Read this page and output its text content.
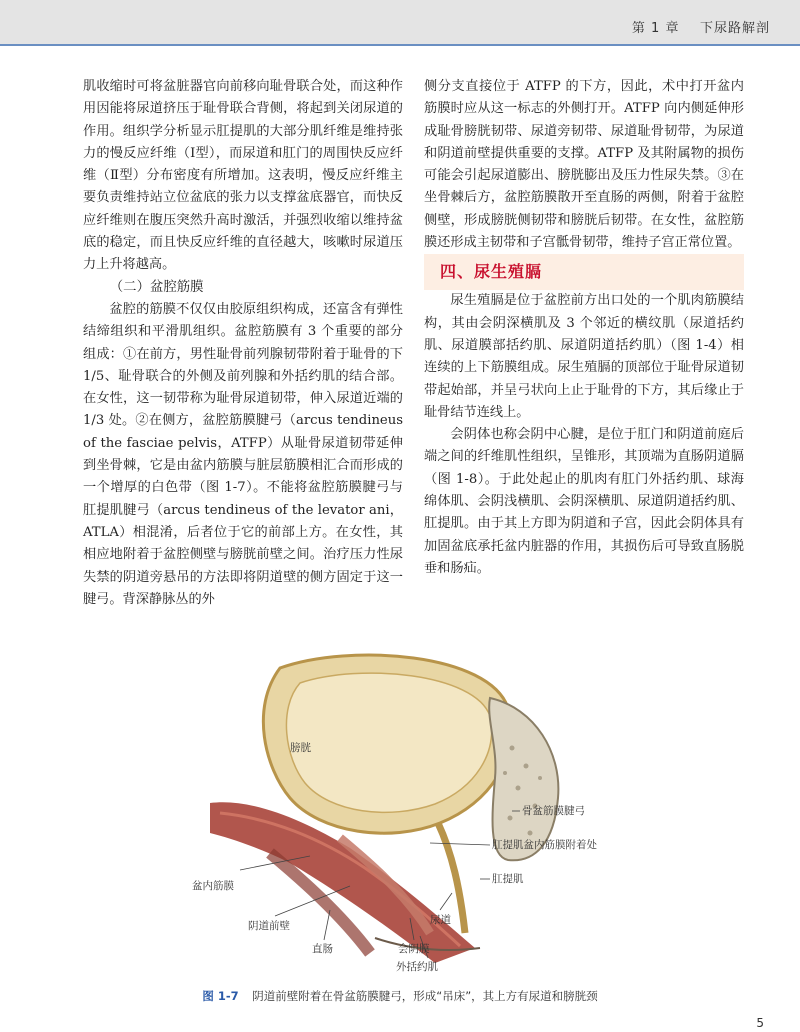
第 1 章 下尿路解剖

肌收缩时可将盆脏器官向前移向耻骨联合处，而这种作用因能将尿道挤压于耻骨联合背侧，将起到关闭尿道的作用。组织学分析显示肛提肌的大部分肌纤维是维持张力的慢反应纤维（Ⅰ型），而尿道和肛门的周围快反应纤维（Ⅱ型）分布密度有所增加。这表明，慢反应纤维主要负责维持站立位盆底的张力以支撑盆底器官，而快反应纤维则在腹压突然升高时激活，并强烈收缩以维持盆底的稳定，而且快反应纤维的直径越大，咳嗽时尿道压力上升将越高。

（二）盆腔筋膜

盆腔的筋膜不仅仅由胶原组织构成，还富含有弹性结缔组织和平滑肌组织。盆腔筋膜有 3 个重要的部分组成：①在前方，男性耻骨前列腺韧带附着于耻骨的下 1/5、耻骨联合的外侧及前列腺和外括约肌的结合部。在女性，这一韧带称为耻骨尿道韧带，伸入尿道近端的 1/3 处。②在侧方，盆腔筋膜腱弓（arcus tendineus of the fasciae pelvis，ATFP）从耻骨尿道韧带延伸到坐骨棘，它是由盆内筋膜与脏层筋膜相汇合而形成的一个增厚的白色带（图 1-7）。不能将盆腔筋膜腱弓与肛提肌腱弓（arcus tendineus of the levator ani，ATLA）相混淆，后者位于它的前部上方。在女性，其相应地附着于盆腔侧壁与膀胱前壁之间。治疗压力性尿失禁的阴道旁悬吊的方法即将阴道壁的侧方固定于这一腱弓。背深静脉丛的外

侧分支直接位于 ATFP 的下方，因此，术中打开盆内筋膜时应从这一标志的外侧打开。ATFP 向内侧延伸形成耻骨膀胱韧带、尿道旁韧带、尿道耻骨韧带，为尿道和阴道前壁提供重要的支撑。ATFP 及其附属物的损伤可能会引起尿道膨出、膀胱膨出及压力性尿失禁。③在坐骨棘后方，盆腔筋膜散开至直肠的两侧，附着于盆腔侧壁，形成膀胱侧韧带和膀胱后韧带。在女性，盆腔筋膜还形成主韧带和子宫骶骨韧带，维持子宫正常位置。

四、尿生殖膈

尿生殖膈是位于盆腔前方出口处的一个肌肉筋膜结构，其由会阴深横肌及 3 个邻近的横纹肌（尿道括约肌、尿道膜部括约肌、尿道阴道括约肌）（图 1-4）相连续的上下筋膜组成。尿生殖膈的顶部位于耻骨尿道韧带起始部，并呈弓状向上止于耻骨的下方，其后缘止于耻骨结节连线上。

会阴体也称会阴中心腱，是位于肛门和阴道前庭后端之间的纤维肌性组织，呈锥形，其顶端为直肠阴道膈（图 1-8）。于此处起止的肌肉有肛门外括约肌、球海绵体肌、会阴浅横肌、会阴深横肌、尿道阴道括约肌、肛提肌。由于其上方即为阴道和子宫，因此会阴体具有加固盆底承托盆内脏器的作用，其损伤后可导致直肠脱垂和肠疝。

膀胱
骨盆筋膜腱弓
肛提肌盆内筋膜附着处
肛提肌
盆内筋膜
尿道
阴道前壁
直肠	会阴膜
外括约肌
图 1-7 阴道前壁附着在骨盆筋膜腱弓，形成“吊床”，其上方有尿道和膀胱颈
5
